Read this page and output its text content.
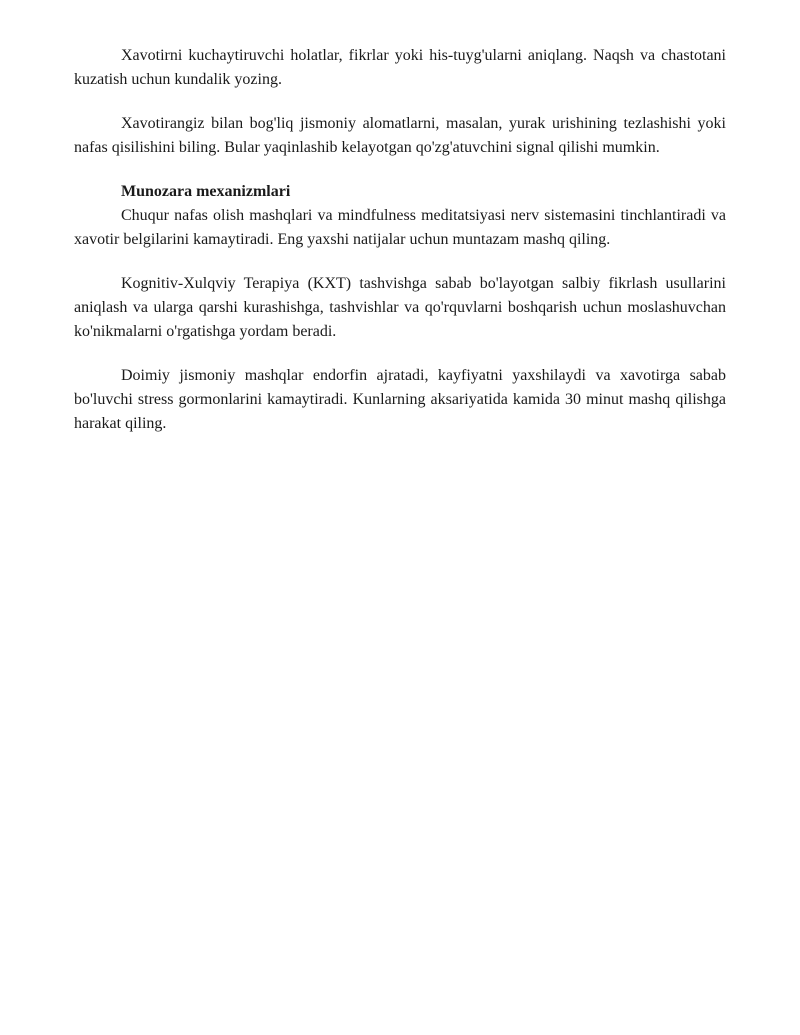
Xavotirni kuchaytiruvchi holatlar, fikrlar yoki his-tuyg'ularni aniqlang. Naqsh va chastotani kuzatish uchun kundalik yozing.

Xavotirangiz bilan bog'liq jismoniy alomatlarni, masalan, yurak urishining tezlashishi yoki nafas qisilishini biling. Bular yaqinlashib kelayotgan qo'zg'atuvchini signal qilishi mumkin.

Munozara mexanizmlari

Chuqur nafas olish mashqlari va mindfulness meditatsiyasi nerv sistemasini tinchlantiradi va xavotir belgilarini kamaytiradi. Eng yaxshi natijalar uchun muntazam mashq qiling.

Kognitiv-Xulqviy Terapiya (KXT) tashvishga sabab bo'layotgan salbiy fikrlash usullarini aniqlash va ularga qarshi kurashishga, tashvishlar va qo'rquvlarni boshqarish uchun moslashuvchan ko'nikmalarni o'rgatishga yordam beradi.

Doimiy jismoniy mashqlar endorfin ajratadi, kayfiyatni yaxshilaydi va xavotirga sabab bo'luvchi stress gormonlarini kamaytiradi. Kunlarning aksariyatida kamida 30 minut mashq qilishga harakat qiling.
